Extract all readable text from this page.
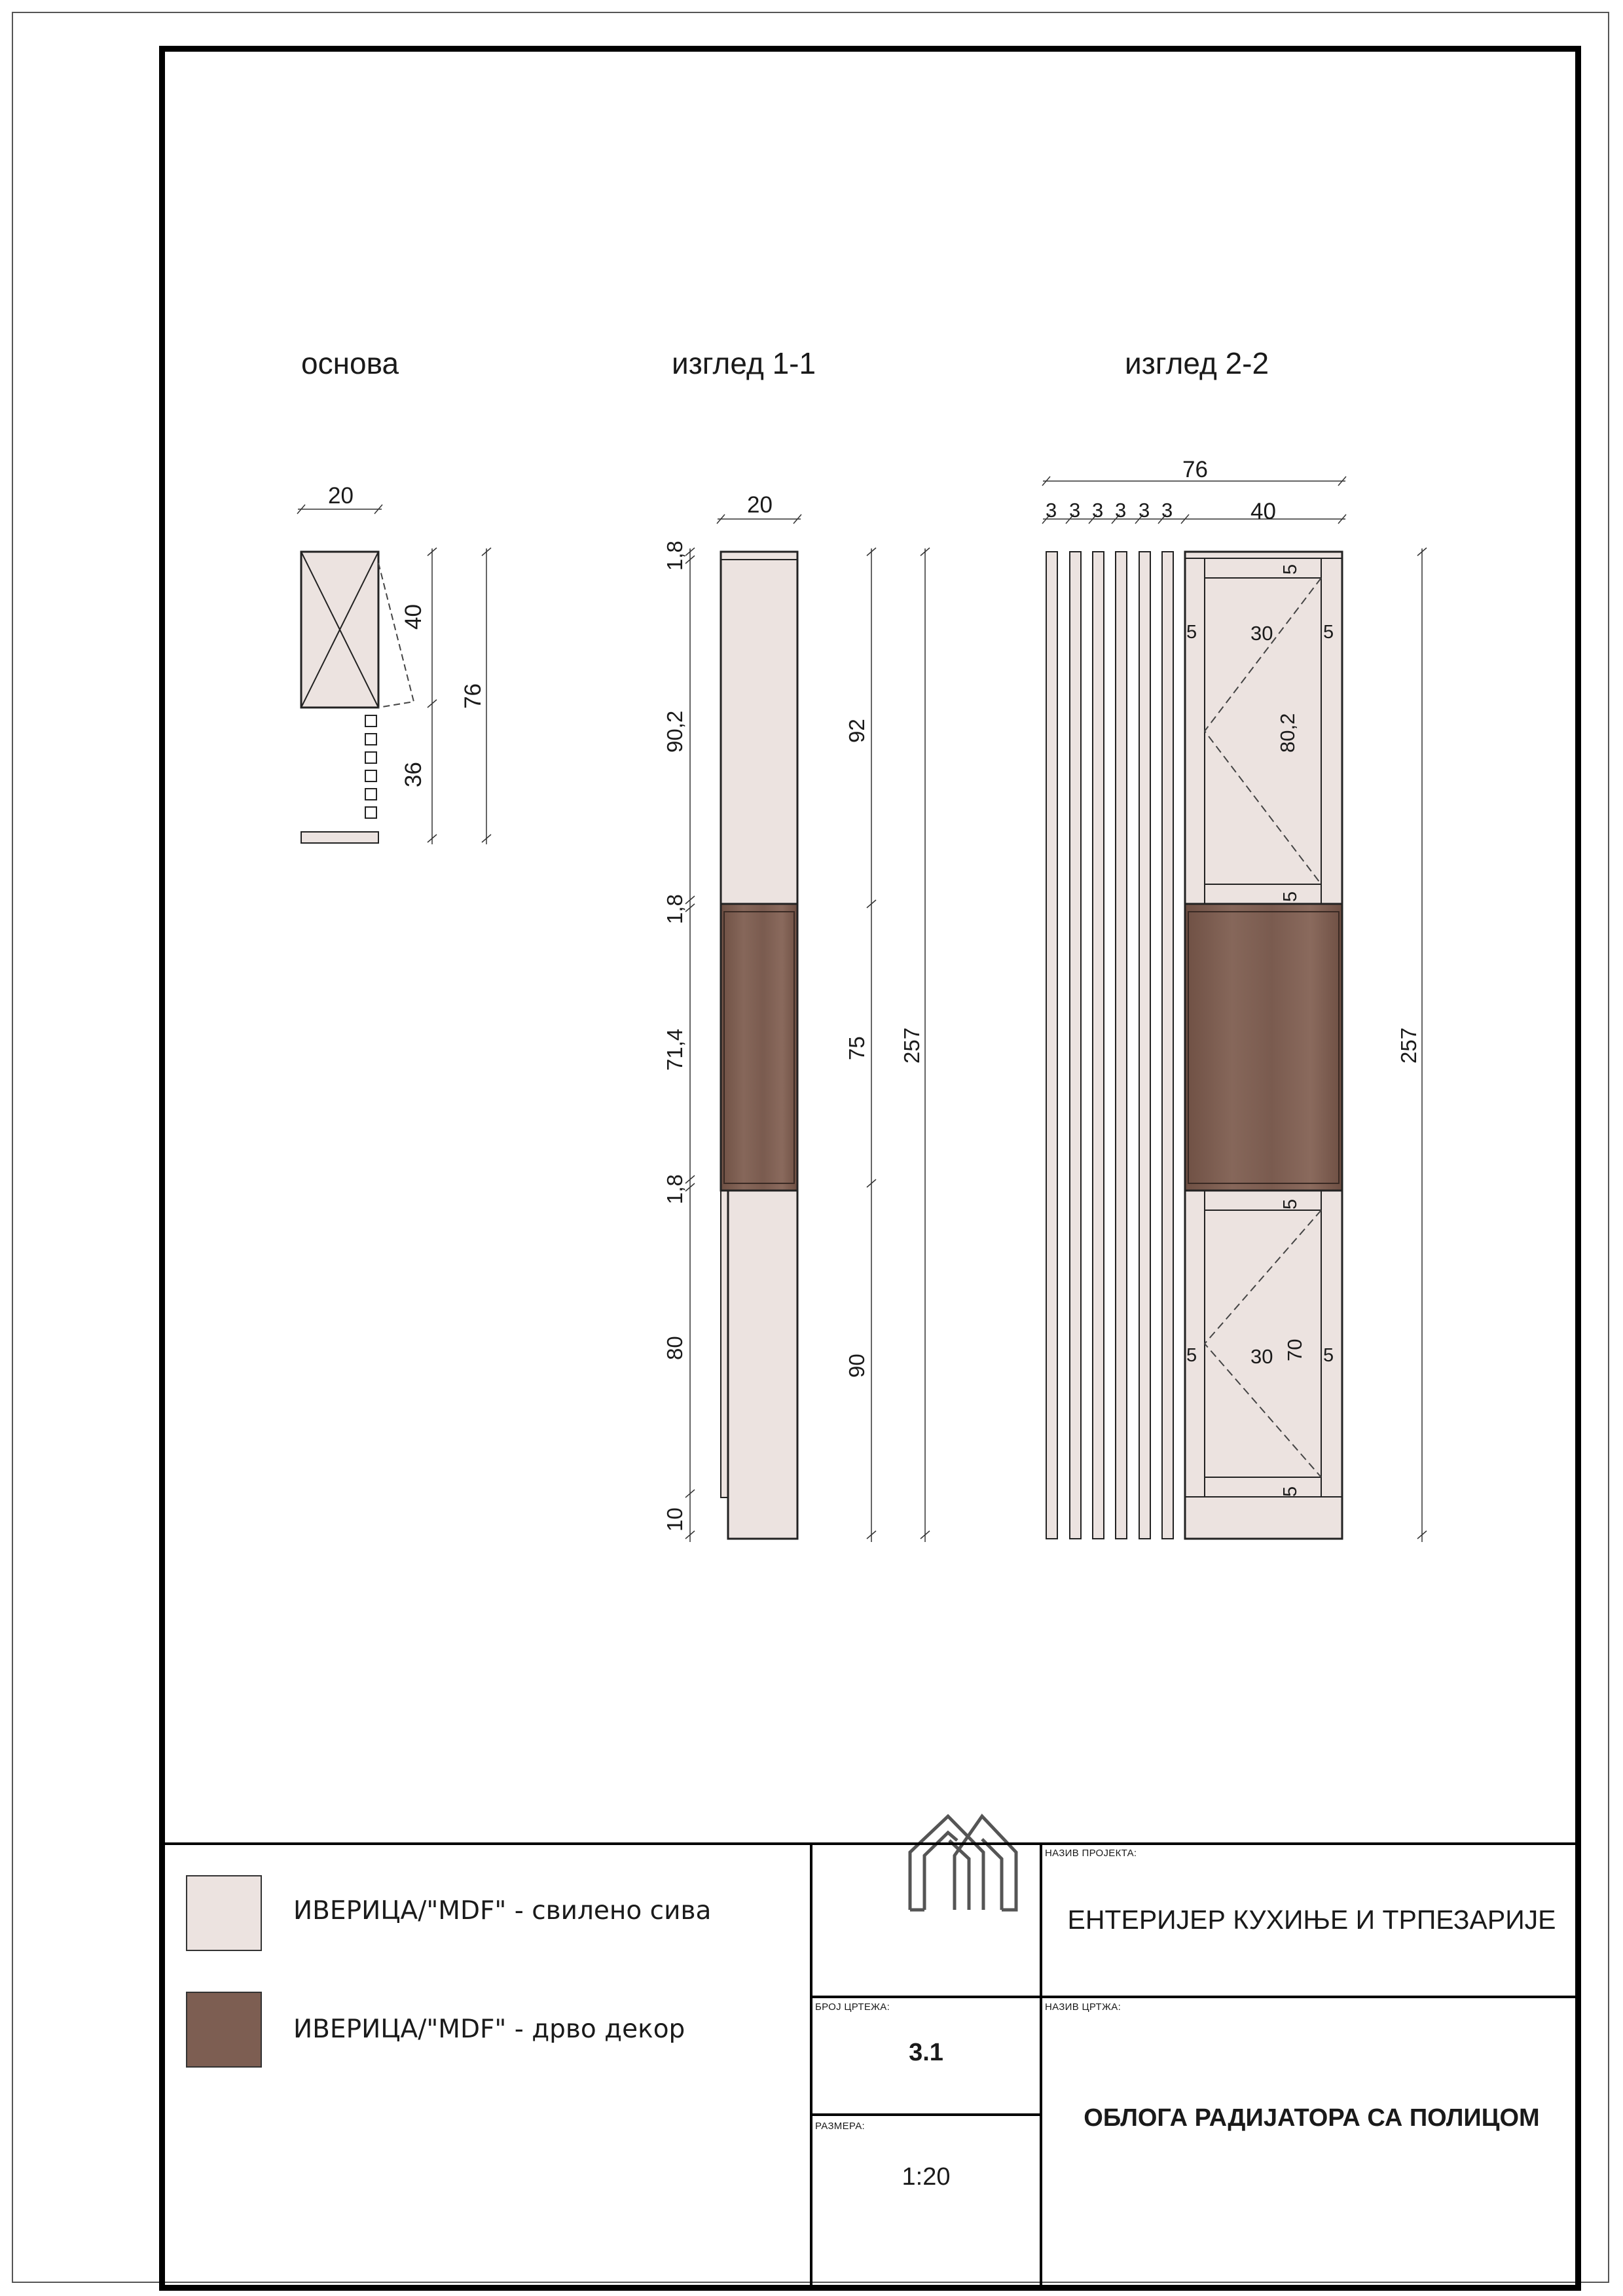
основа	изглед 1-1	изглед 2-2
20
40
36
76
20
1,8
90,2
1,8
71,4
1,8
80
10
92
75
90
257
76
3 3 3 3 3 3	40
5
5	30	5
80,2
5
5
5	30 70 5
5
257
ИВЕРИЦА/"MDF" - свилено сива
ИВЕРИЦА/"MDF" - дрво декор
НАЗИВ ПРОЈЕКТА:
ЕНТЕРИЈЕР КУХИЊЕ И ТРПЕЗАРИЈЕ
БРОЈ ЦРТЕЖА:
3.1
НАЗИВ ЦРТЖА:
ОБЛОГА РАДИЈАТОРА СА ПОЛИЦОМ
РАЗМЕРА:
1:20
